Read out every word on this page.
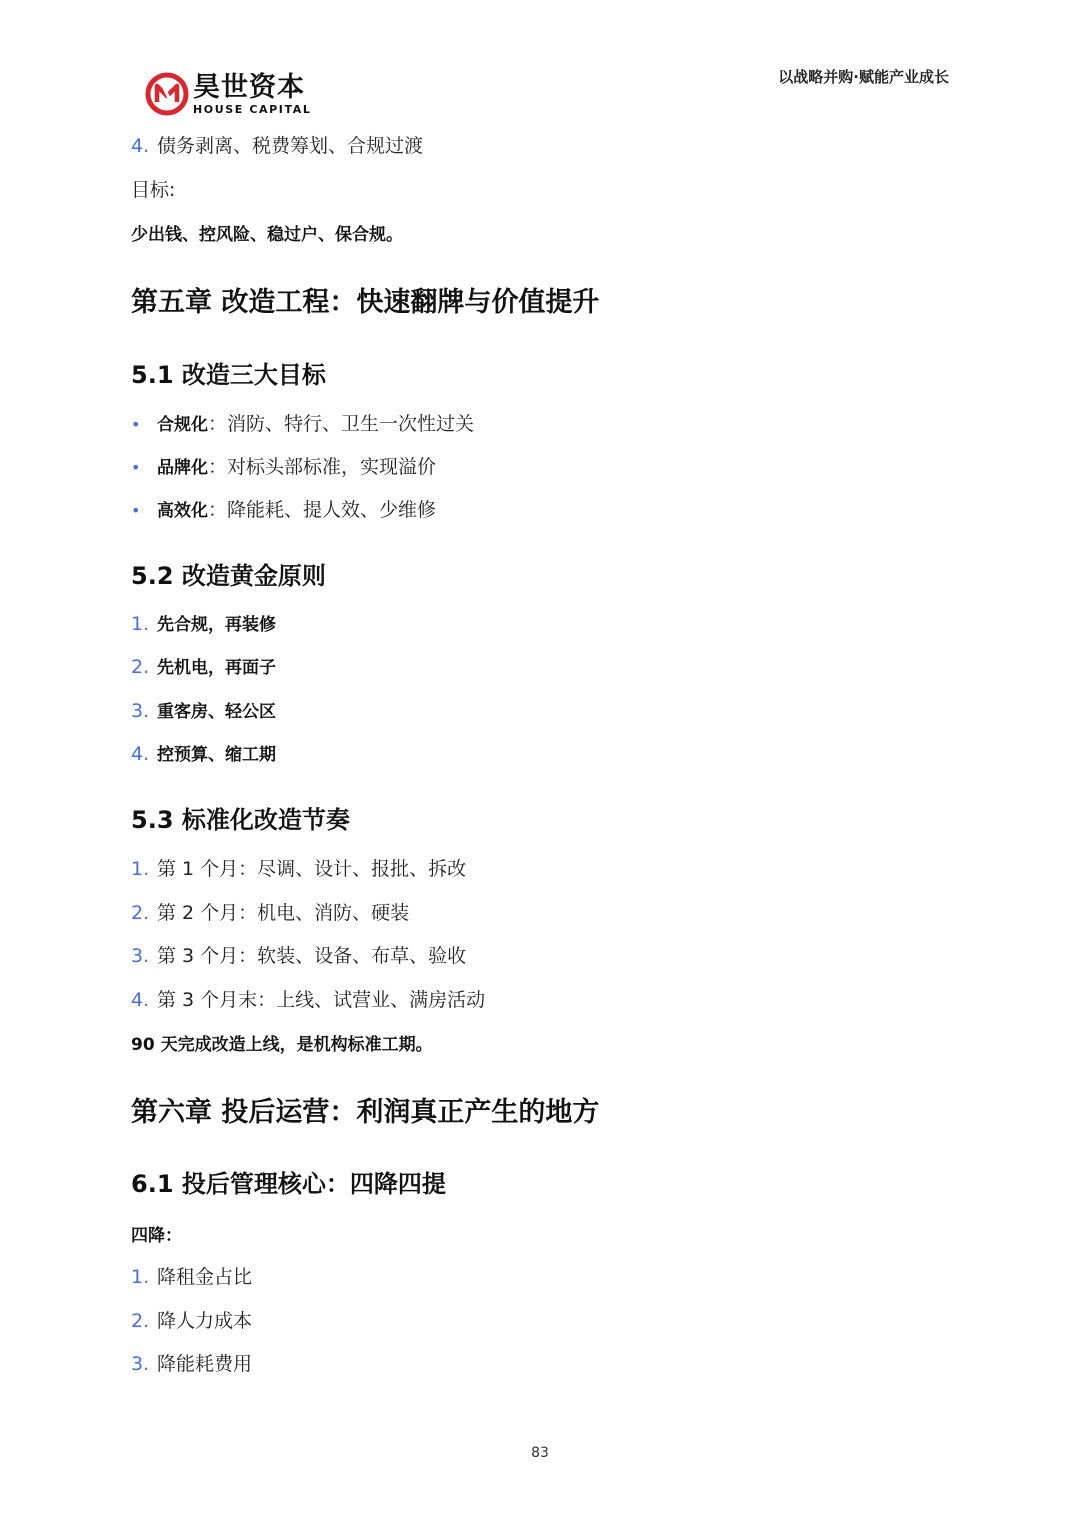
昊世资本
HOUSE CAPITAL
以战略并购·赋能产业成长
4. 债务剥离、税费筹划、合规过渡
目标:
少出钱、控风险、稳过户、保合规。
第五章 改造工程：快速翻牌与价值提升
5.1 改造三大目标
• 合规化：消防、特行、卫生一次性过关
• 品牌化：对标头部标准，实现溢价
• 高效化：降能耗、提人效、少维修
5.2 改造黄金原则
1. 先合规，再装修
2. 先机电，再面子
3. 重客房、轻公区
4. 控预算、缩工期
5.3 标准化改造节奏
1. 第 1 个月：尽调、设计、报批、拆改
2. 第 2 个月：机电、消防、硬装
3. 第 3 个月：软装、设备、布草、验收
4. 第 3 个月末：上线、试营业、满房活动
90 天完成改造上线，是机构标准工期。
第六章 投后运营：利润真正产生的地方
6.1 投后管理核心：四降四提
四降：
1. 降租金占比
2. 降人力成本
3. 降能耗费用
83
